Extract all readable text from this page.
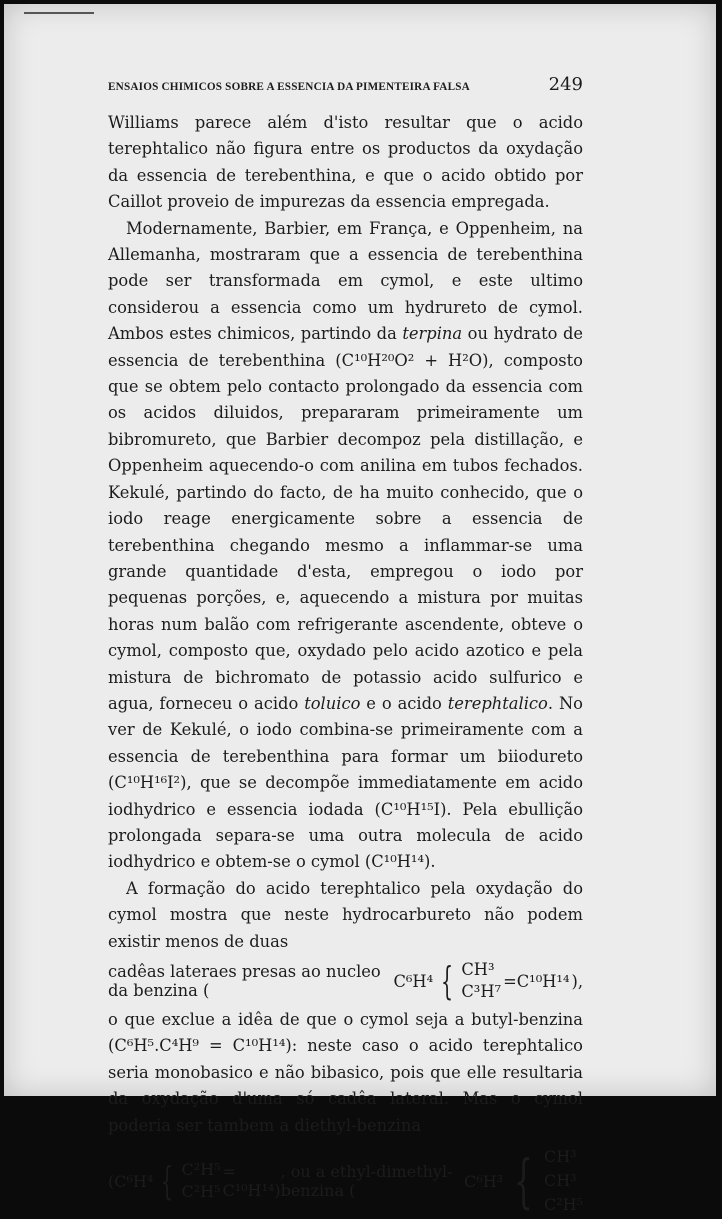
ENSAIOS CHIMICOS SOBRE A ESSENCIA DA PIMENTEIRA FALSA	249

Williams parece além d'isto resultar que o acido terephtalico não figura entre os productos da oxydação da essencia de terebenthina, e que o acido obtido por Caillot proveio de impurezas da essencia empregada.

Modernamente, Barbier, em França, e Oppenheim, na Allemanha, mostraram que a essencia de terebenthina pode ser transformada em cymol, e este ultimo considerou a essencia como um hydrureto de cymol. Ambos estes chimicos, partindo da terpina ou hydrato de essencia de terebenthina (C¹⁰H²⁰O² + H²O), composto que se obtem pelo contacto prolongado da essencia com os acidos diluidos, prepararam primeiramente um bibromureto, que Barbier decompoz pela distillação, e Oppenheim aquecendo-o com anilina em tubos fechados. Kekulé, partindo do facto, de ha muito conhecido, que o iodo reage energicamente sobre a essencia de terebenthina chegando mesmo a inflammar-se uma grande quantidade d'esta, empregou o iodo por pequenas porções, e, aquecendo a mistura por muitas horas num balão com refrigerante ascendente, obteve o cymol, composto que, oxydado pelo acido azotico e pela mistura de bichromato de potassio acido sulfurico e agua, forneceu o acido toluico e o acido terephtalico. No ver de Kekulé, o iodo combina-se primeiramente com a essencia de terebenthina para formar um biiodureto (C¹⁰H¹⁶I²), que se decompõe immediatamente em acido iodhydrico e essencia iodada (C¹⁰H¹⁵I). Pela ebullição prolongada separa-se uma outra molecula de acido iodhydrico e obtem-se o cymol (C¹⁰H¹⁴).

A formação do acido terephtalico pela oxydação do cymol mostra que neste hydrocarbureto não podem existir menos de duas

cadêas lateraes presas ao nucleo da benzina (	C⁶H⁴ { CH³
C³H⁷
=C¹⁰H¹⁴ ),

o que exclue a idêa de que o cymol seja a butyl-benzina (C⁶H⁵.C⁴H⁹ = C¹⁰H¹⁴): neste caso o acido terephtalico seria monobasico e não bibasico, pois que elle resultaria da oxydação d'uma só cadêa lateral. Mas o cymol poderia ser tambem a diethyl-benzina

(C⁶H⁴ { C²H⁵
C²H⁵
= C¹⁰H¹⁴)
, ou a ethyl-dimethyl-benzina (	C⁶H³ { CH³
CH³
C²H⁵
